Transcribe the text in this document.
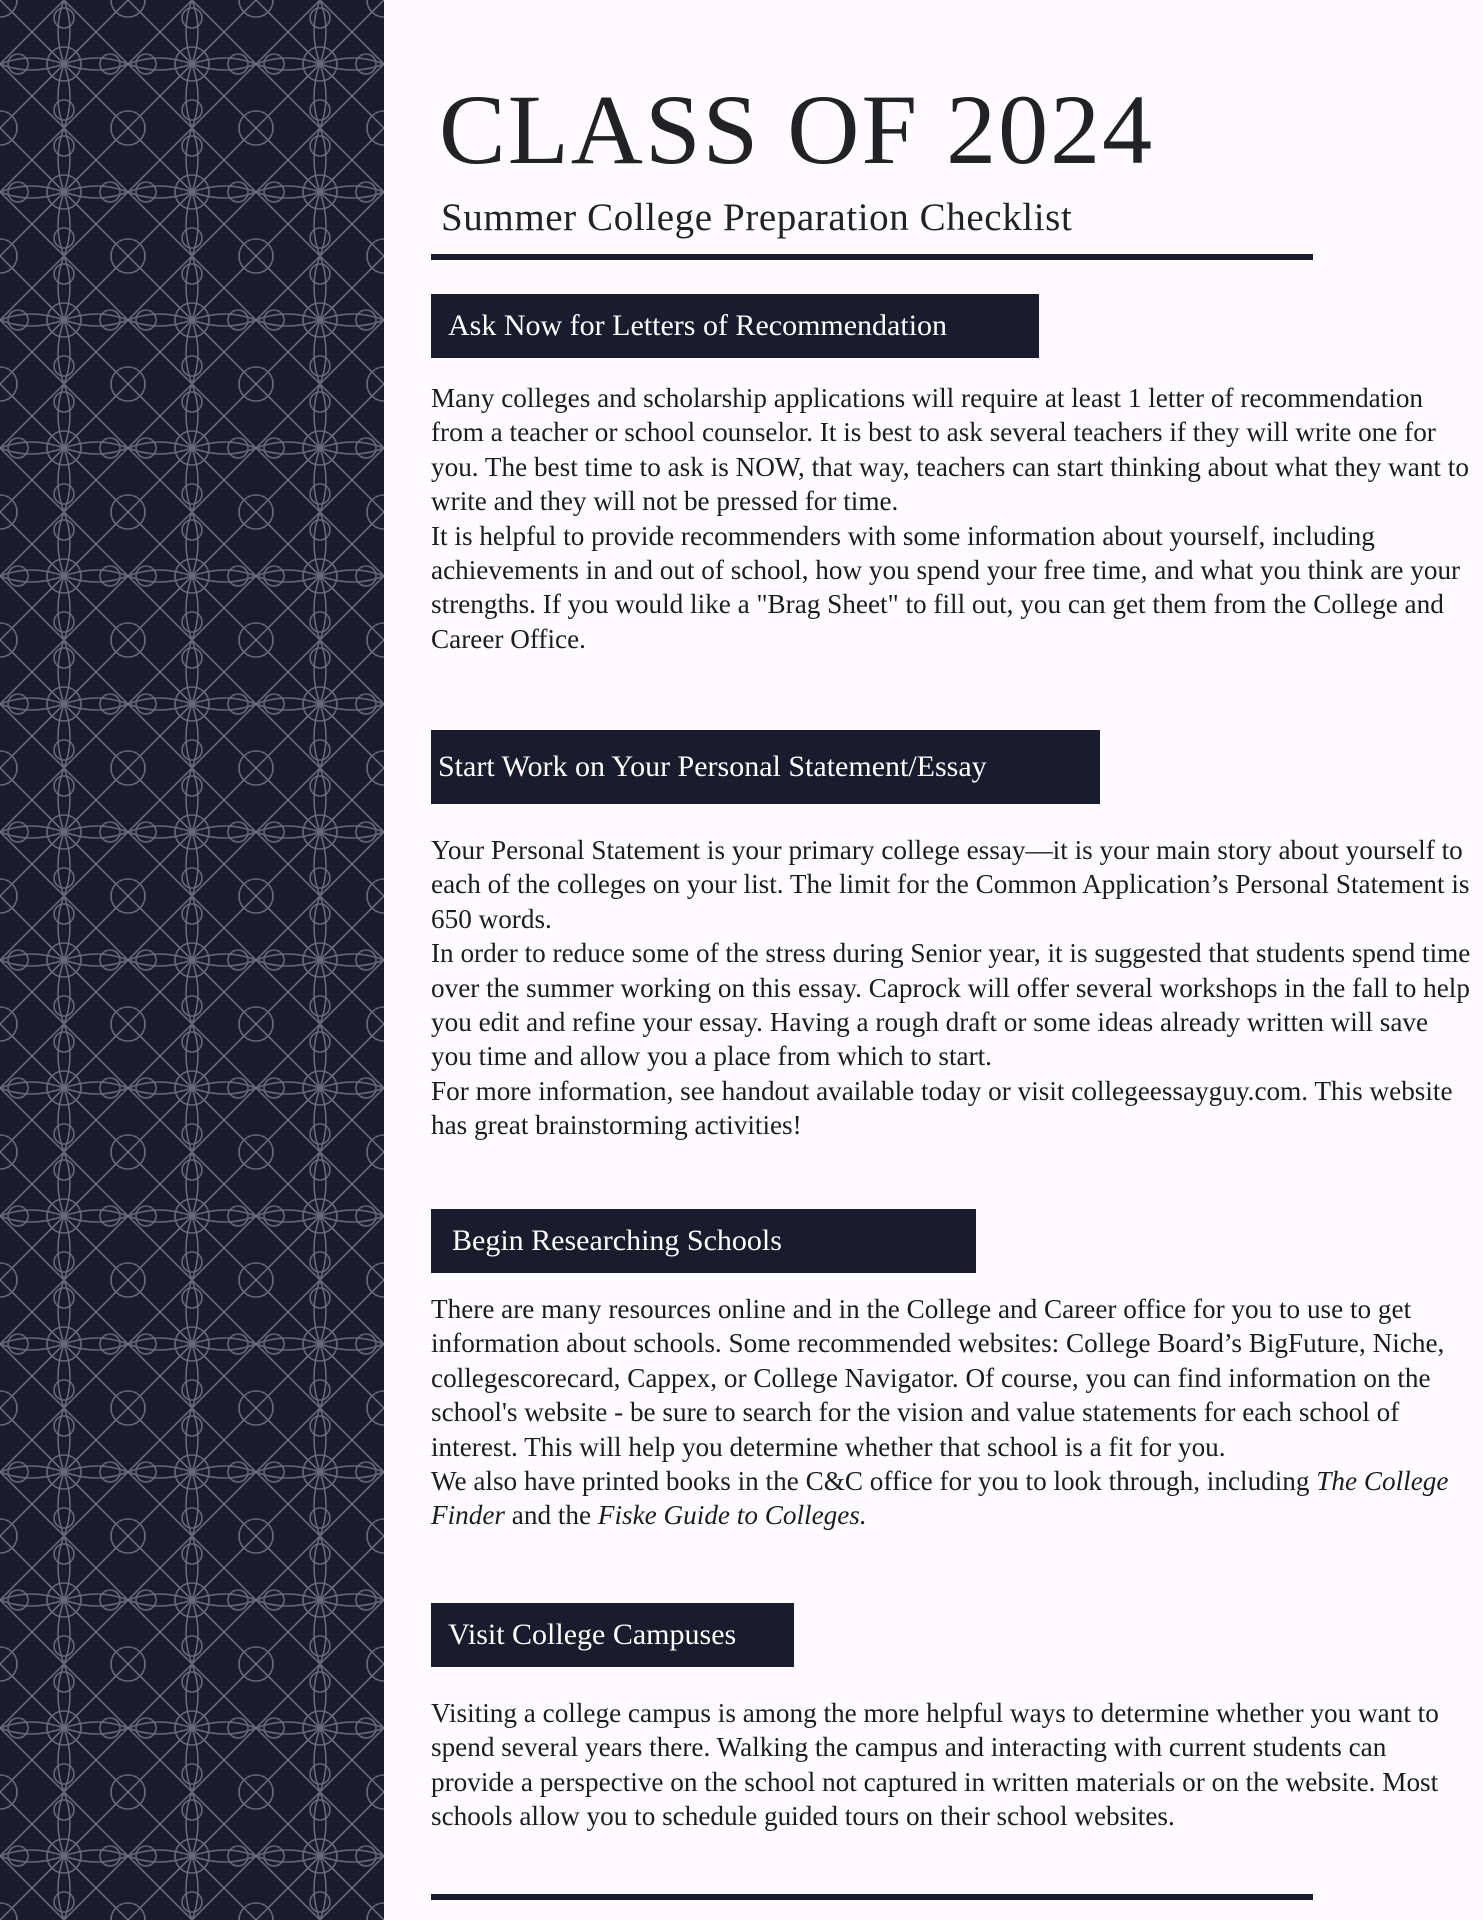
CLASS OF 2024
Summer College Preparation Checklist
Ask Now for Letters of Recommendation

Many colleges and scholarship applications will require at least 1 letter of recommendation from a teacher or school counselor. It is best to ask several teachers if they will write one for you. The best time to ask is NOW, that way, teachers can start thinking about what they want to write and they will not be pressed for time.

It is helpful to provide recommenders with some information about yourself, including achievements in and out of school, how you spend your free time, and what you think are your strengths. If you would like a "Brag Sheet" to fill out, you can get them from the College and Career Office.

Start Work on Your Personal Statement/Essay

Your Personal Statement is your primary college essay—it is your main story about yourself to each of the colleges on your list. The limit for the Common Application’s Personal Statement is 650 words.

In order to reduce some of the stress during Senior year, it is suggested that students spend time over the summer working on this essay. Caprock will offer several workshops in the fall to help you edit and refine your essay. Having a rough draft or some ideas already written will save you time and allow you a place from which to start.

For more information, see handout available today or visit collegeessayguy.com. This website has great brainstorming activities!

Begin Researching Schools

There are many resources online and in the College and Career office for you to use to get information about schools. Some recommended websites: College Board’s BigFuture, Niche, collegescorecard, Cappex, or College Navigator. Of course, you can find information on the school's website - be sure to search for the vision and value statements for each school of interest. This will help you determine whether that school is a fit for you.

We also have printed books in the C&C office for you to look through, including The College Finder and the Fiske Guide to Colleges.

Visit College Campuses

Visiting a college campus is among the more helpful ways to determine whether you want to spend several years there. Walking the campus and interacting with current students can provide a perspective on the school not captured in written materials or on the website. Most schools allow you to schedule guided tours on their school websites.
